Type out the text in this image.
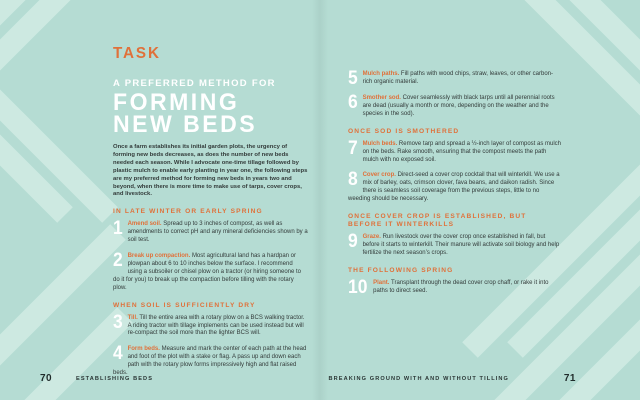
TASK
A PREFERRED METHOD FOR
FORMING
NEW BEDS

Once a farm establishes its initial garden plots, the urgency of forming new beds decreases, as does the number of new beds needed each season. While I advocate one-time tillage followed by plastic mulch to enable early planting in year one, the following steps are my preferred method for forming new beds in years two and beyond, when there is more time to make use of tarps, cover crops, and livestock.

IN LATE WINTER OR EARLY SPRING
1 Amend soil. Spread up to 3 inches of compost, as well as amendments to correct pH and any mineral deficiencies shown by a soil test.
2 Break up compaction. Most agricultural land has a hardpan or plowpan about 6 to 10 inches below the surface. I recommend using a subsoiler or chisel plow on a tractor (or hiring someone to do it for you) to break up the compaction before tilling with the rotary plow.
WHEN SOIL IS SUFFICIENTLY DRY
3 Till. Till the entire area with a rotary plow on a BCS walking tractor. A riding tractor with tillage implements can be used instead but will re-compact the soil more than the lighter BCS will.
4 Form beds. Measure and mark the center of each path at the head and foot of the plot with a stake or flag. A pass up and down each path with the rotary plow forms impressively high and flat raised beds.
5 Mulch paths. Fill paths with wood chips, straw, leaves, or other carbon-rich organic material.
6 Smother sod. Cover seamlessly with black tarps until all perennial roots are dead (usually a month or more, depending on the weather and the species in the sod).
ONCE SOD IS SMOTHERED
7 Mulch beds. Remove tarp and spread a ½-inch layer of compost as mulch on the beds. Rake smooth, ensuring that the compost meets the path mulch with no exposed soil.
8 Cover crop. Direct-seed a cover crop cocktail that will winterkill. We use a mix of barley, oats, crimson clover, fava beans, and daikon radish. Since there is seamless soil coverage from the previous steps, little to no weeding should be necessary.
ONCE COVER CROP IS ESTABLISHED, BUT BEFORE IT WINTERKILLS
9 Graze. Run livestock over the cover crop once established in fall, but before it starts to winterkill. Their manure will activate soil biology and help fertilize the next season’s crops.
THE FOLLOWING SPRING
10 Plant. Transplant through the dead cover crop chaff, or rake it into paths to direct seed.
70	ESTABLISHING BEDS	BREAKING GROUND WITH AND WITHOUT TILLING	71
